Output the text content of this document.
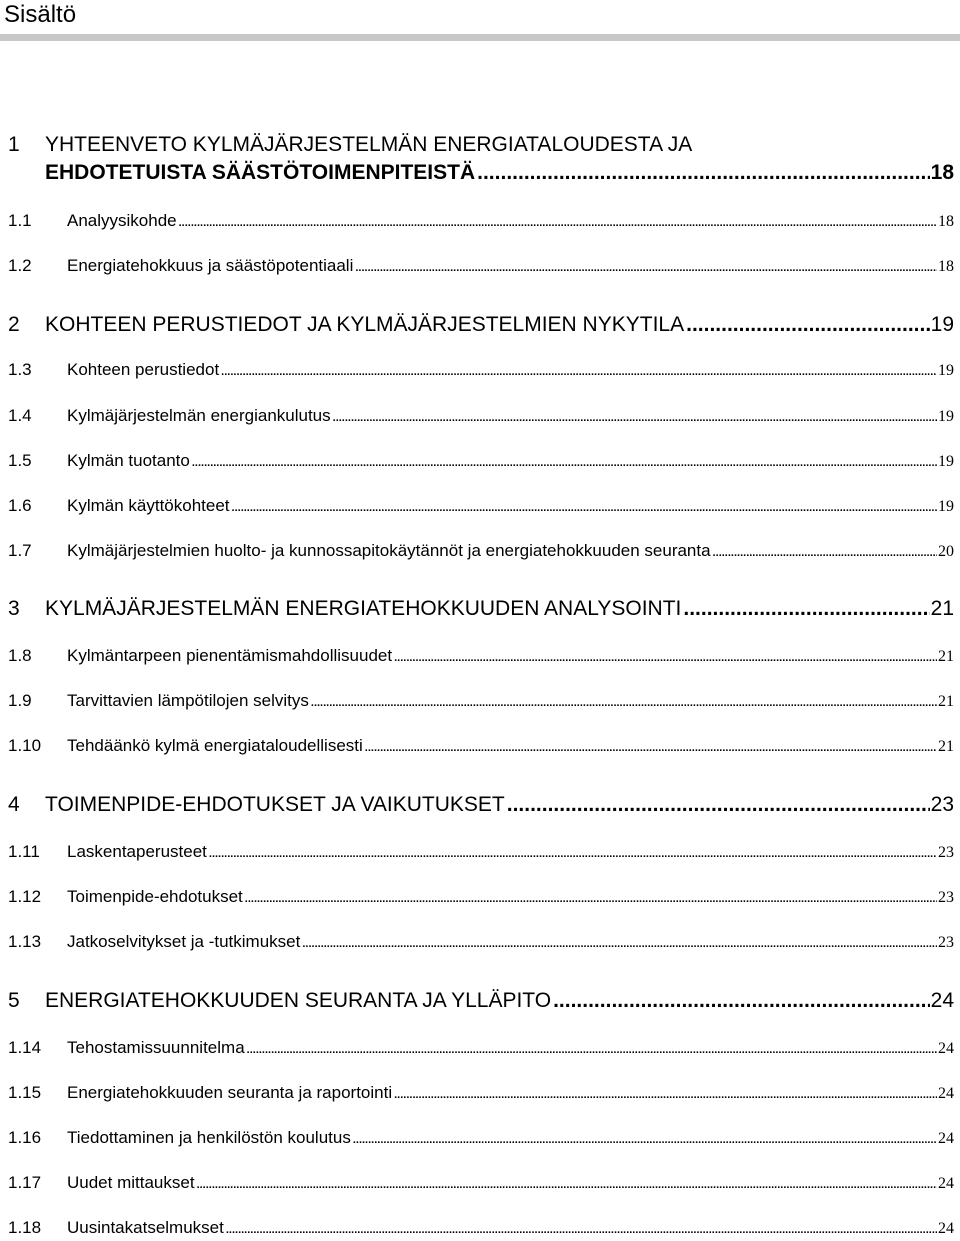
Sisältö
1 YHTEENVETO KYLMÄJÄRJESTELMÄN ENERGIATALOUDESTA JA
EHDOTETUISTA SÄÄSTÖTOIMENPITEISTÄ .....	18
1.1 Analyysikohde .....	18
1.2 Energiatehokkuus ja säästöpotentiaali .....	18
2 KOHTEEN PERUSTIEDOT JA KYLMÄJÄRJESTELMIEN NYKYTILA .....	19
1.3 Kohteen perustiedot .....	19
1.4 Kylmäjärjestelmän energiankulutus .....	19
1.5 Kylmän tuotanto .....	19
1.6 Kylmän käyttökohteet .....	19
1.7 Kylmäjärjestelmien huolto- ja kunnossapitokäytännöt ja energiatehokkuuden seuranta .....	20
3 KYLMÄJÄRJESTELMÄN ENERGIATEHOKKUUDEN ANALYSOINTI .....	21
1.8 Kylmäntarpeen pienentämismahdollisuudet .....	21
1.9 Tarvittavien lämpötilojen selvitys .....	21
1.10 Tehdäänkö kylmä energiataloudellisesti .....	21
4 TOIMENPIDE-EHDOTUKSET JA VAIKUTUKSET .....	23
1.11 Laskentaperusteet .....	23
1.12 Toimenpide-ehdotukset .....	23
1.13 Jatkoselvitykset ja -tutkimukset .....	23
5 ENERGIATEHOKKUUDEN SEURANTA JA YLLÄPITO .....	24
1.14 Tehostamissuunnitelma .....	24
1.15 Energiatehokkuuden seuranta ja raportointi .....	24
1.16 Tiedottaminen ja henkilöstön koulutus .....	24
1.17 Uudet mittaukset .....	24
1.18 Uusintakatselmukset .....	24
